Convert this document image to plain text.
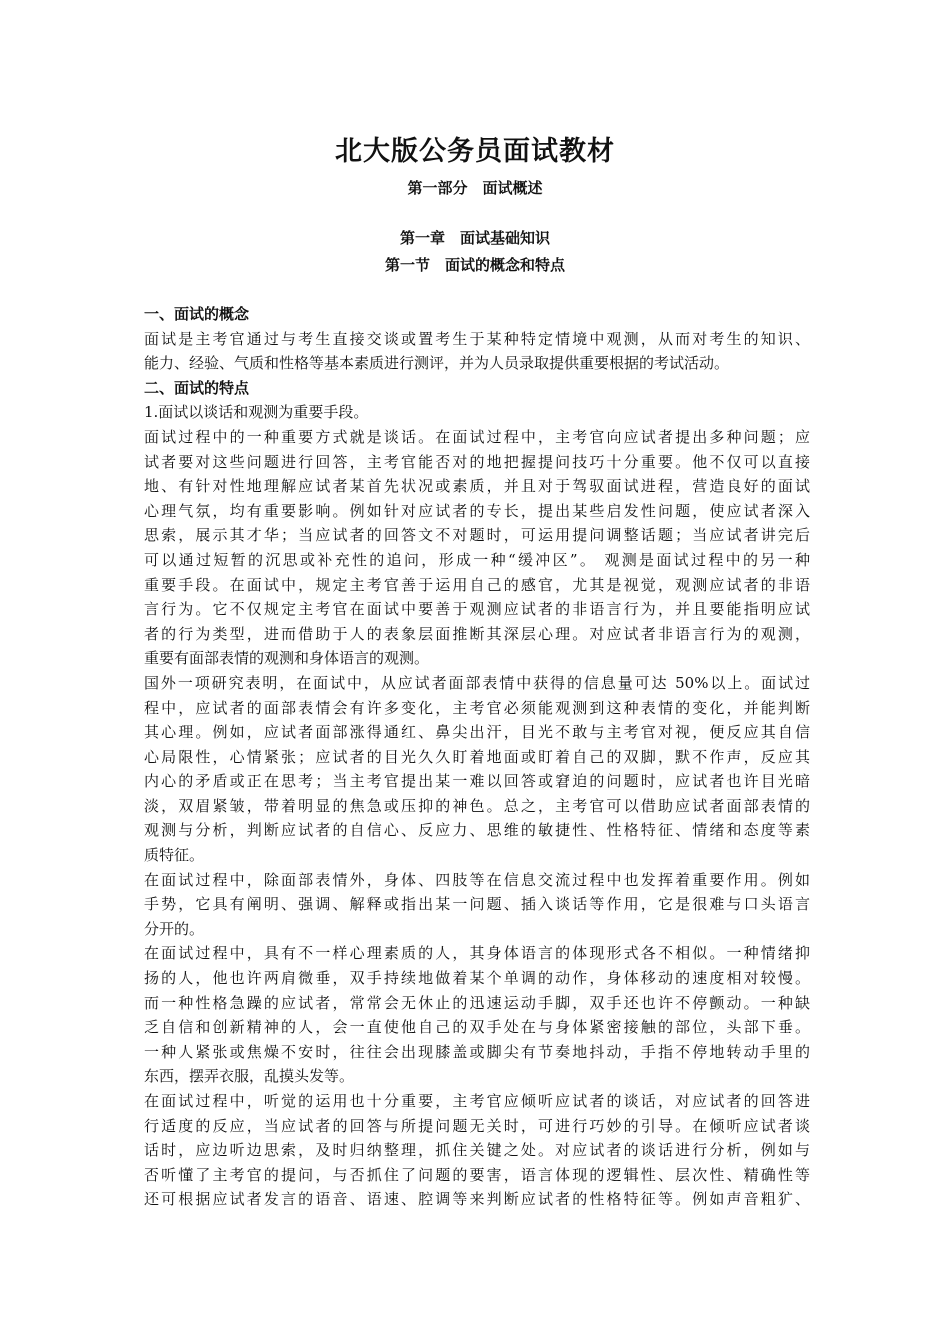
北大版公务员面试教材
第一部分　面试概述
第一章　面试基础知识
第一节　面试的概念和特点
一、面试的概念
面试是主考官通过与考生直接交谈或置考生于某种特定情境中观测，从而对考生的知识、
能力、经验、气质和性格等基本素质进行测评，并为人员录取提供重要根据的考试活动。
二、面试的特点
1.面试以谈话和观测为重要手段。
面试过程中的一种重要方式就是谈话。在面试过程中，主考官向应试者提出多种问题；应
试者要对这些问题进行回答，主考官能否对的地把握提问技巧十分重要。他不仅可以直接
地、有针对性地理解应试者某首先状况或素质，并且对于驾驭面试进程，营造良好的面试
心理气氛，均有重要影响。例如针对应试者的专长，提出某些启发性问题，使应试者深入
思索，展示其才华；当应试者的回答文不对题时，可运用提问调整话题；当应试者讲完后
可以通过短暂的沉思或补充性的追问，形成一种“缓冲区”。 观测是面试过程中的另一种
重要手段。在面试中，规定主考官善于运用自己的感官，尤其是视觉，观测应试者的非语
言行为。它不仅规定主考官在面试中要善于观测应试者的非语言行为，并且要能指明应试
者的行为类型，进而借助于人的表象层面推断其深层心理。对应试者非语言行为的观测，
重要有面部表情的观测和身体语言的观测。
国外一项研究表明，在面试中，从应试者面部表情中获得的信息量可达 50%以上。面试过
程中，应试者的面部表情会有许多变化，主考官必须能观测到这种表情的变化，并能判断
其心理。例如，应试者面部涨得通红、鼻尖出汗，目光不敢与主考官对视，便反应其自信
心局限性，心情紧张；应试者的目光久久盯着地面或盯着自己的双脚，默不作声，反应其
内心的矛盾或正在思考；当主考官提出某一难以回答或窘迫的问题时，应试者也许目光暗
淡，双眉紧皱，带着明显的焦急或压抑的神色。总之，主考官可以借助应试者面部表情的
观测与分析，判断应试者的自信心、反应力、思维的敏捷性、性格特征、情绪和态度等素
质特征。
在面试过程中，除面部表情外，身体、四肢等在信息交流过程中也发挥着重要作用。例如
手势，它具有阐明、强调、解释或指出某一问题、插入谈话等作用，它是很难与口头语言
分开的。
在面试过程中，具有不一样心理素质的人，其身体语言的体现形式各不相似。一种情绪抑
扬的人，他也许两肩微垂，双手持续地做着某个单调的动作，身体移动的速度相对较慢。
而一种性格急躁的应试者，常常会无休止的迅速运动手脚，双手还也许不停颤动。一种缺
乏自信和创新精神的人，会一直使他自己的双手处在与身体紧密接触的部位，头部下垂。
一种人紧张或焦燥不安时，往往会出现膝盖或脚尖有节奏地抖动，手指不停地转动手里的
东西，摆弄衣服，乱摸头发等。
在面试过程中，听觉的运用也十分重要，主考官应倾听应试者的谈话，对应试者的回答进
行适度的反应，当应试者的回答与所提问题无关时，可进行巧妙的引导。在倾听应试者谈
话时，应边听边思索，及时归纳整理，抓住关键之处。对应试者的谈话进行分析，例如与
否听懂了主考官的提问，与否抓住了问题的要害，语言体现的逻辑性、层次性、精确性等
还可根据应试者发言的语音、语速、腔调等来判断应试者的性格特征等。例如声音粗犷、
